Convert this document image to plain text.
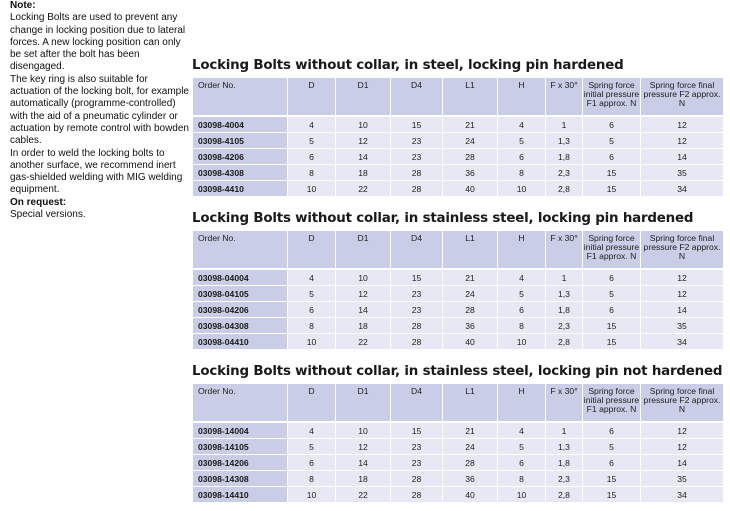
Note:

Locking Bolts are used to prevent any change in locking position due to lateral forces. A new locking position can only be set after the bolt has been disengaged.

The key ring is also suitable for actuation of the locking bolt, for example automatically (programme-controlled) with the aid of a pneumatic cylinder or actuation by remote control with bowden cables.

In order to weld the locking bolts to another surface, we recommend inert gas-shielded welding with MIG welding equipment.

On request:

Special versions.

Locking Bolts without collar, in steel, locking pin hardened
Order No.	D	D1	D4	L1	H	F x 30°	Spring force initial pressure F1 approx. N	Spring force final pressure F2 approx. N
03098-4004	4	10	15	21	4	1	6	12
03098-4105	5	12	23	24	5	1,3	5	12
03098-4206	6	14	23	28	6	1,8	6	14
03098-4308	8	18	28	36	8	2,3	15	35
03098-4410	10	22	28	40	10	2,8	15	34
Locking Bolts without collar, in stainless steel, locking pin hardened
Order No.	D	D1	D4	L1	H	F x 30°	Spring force initial pressure F1 approx. N	Spring force final pressure F2 approx. N
03098-04004	4	10	15	21	4	1	6	12
03098-04105	5	12	23	24	5	1,3	5	12
03098-04206	6	14	23	28	6	1,8	6	14
03098-04308	8	18	28	36	8	2,3	15	35
03098-04410	10	22	28	40	10	2,8	15	34
Locking Bolts without collar, in stainless steel, locking pin not hardened
Order No.	D	D1	D4	L1	H	F x 30°	Spring force initial pressure F1 approx. N	Spring force final pressure F2 approx. N
03098-14004	4	10	15	21	4	1	6	12
03098-14105	5	12	23	24	5	1,3	5	12
03098-14206	6	14	23	28	6	1,8	6	14
03098-14308	8	18	28	36	8	2,3	15	35
03098-14410	10	22	28	40	10	2,8	15	34
